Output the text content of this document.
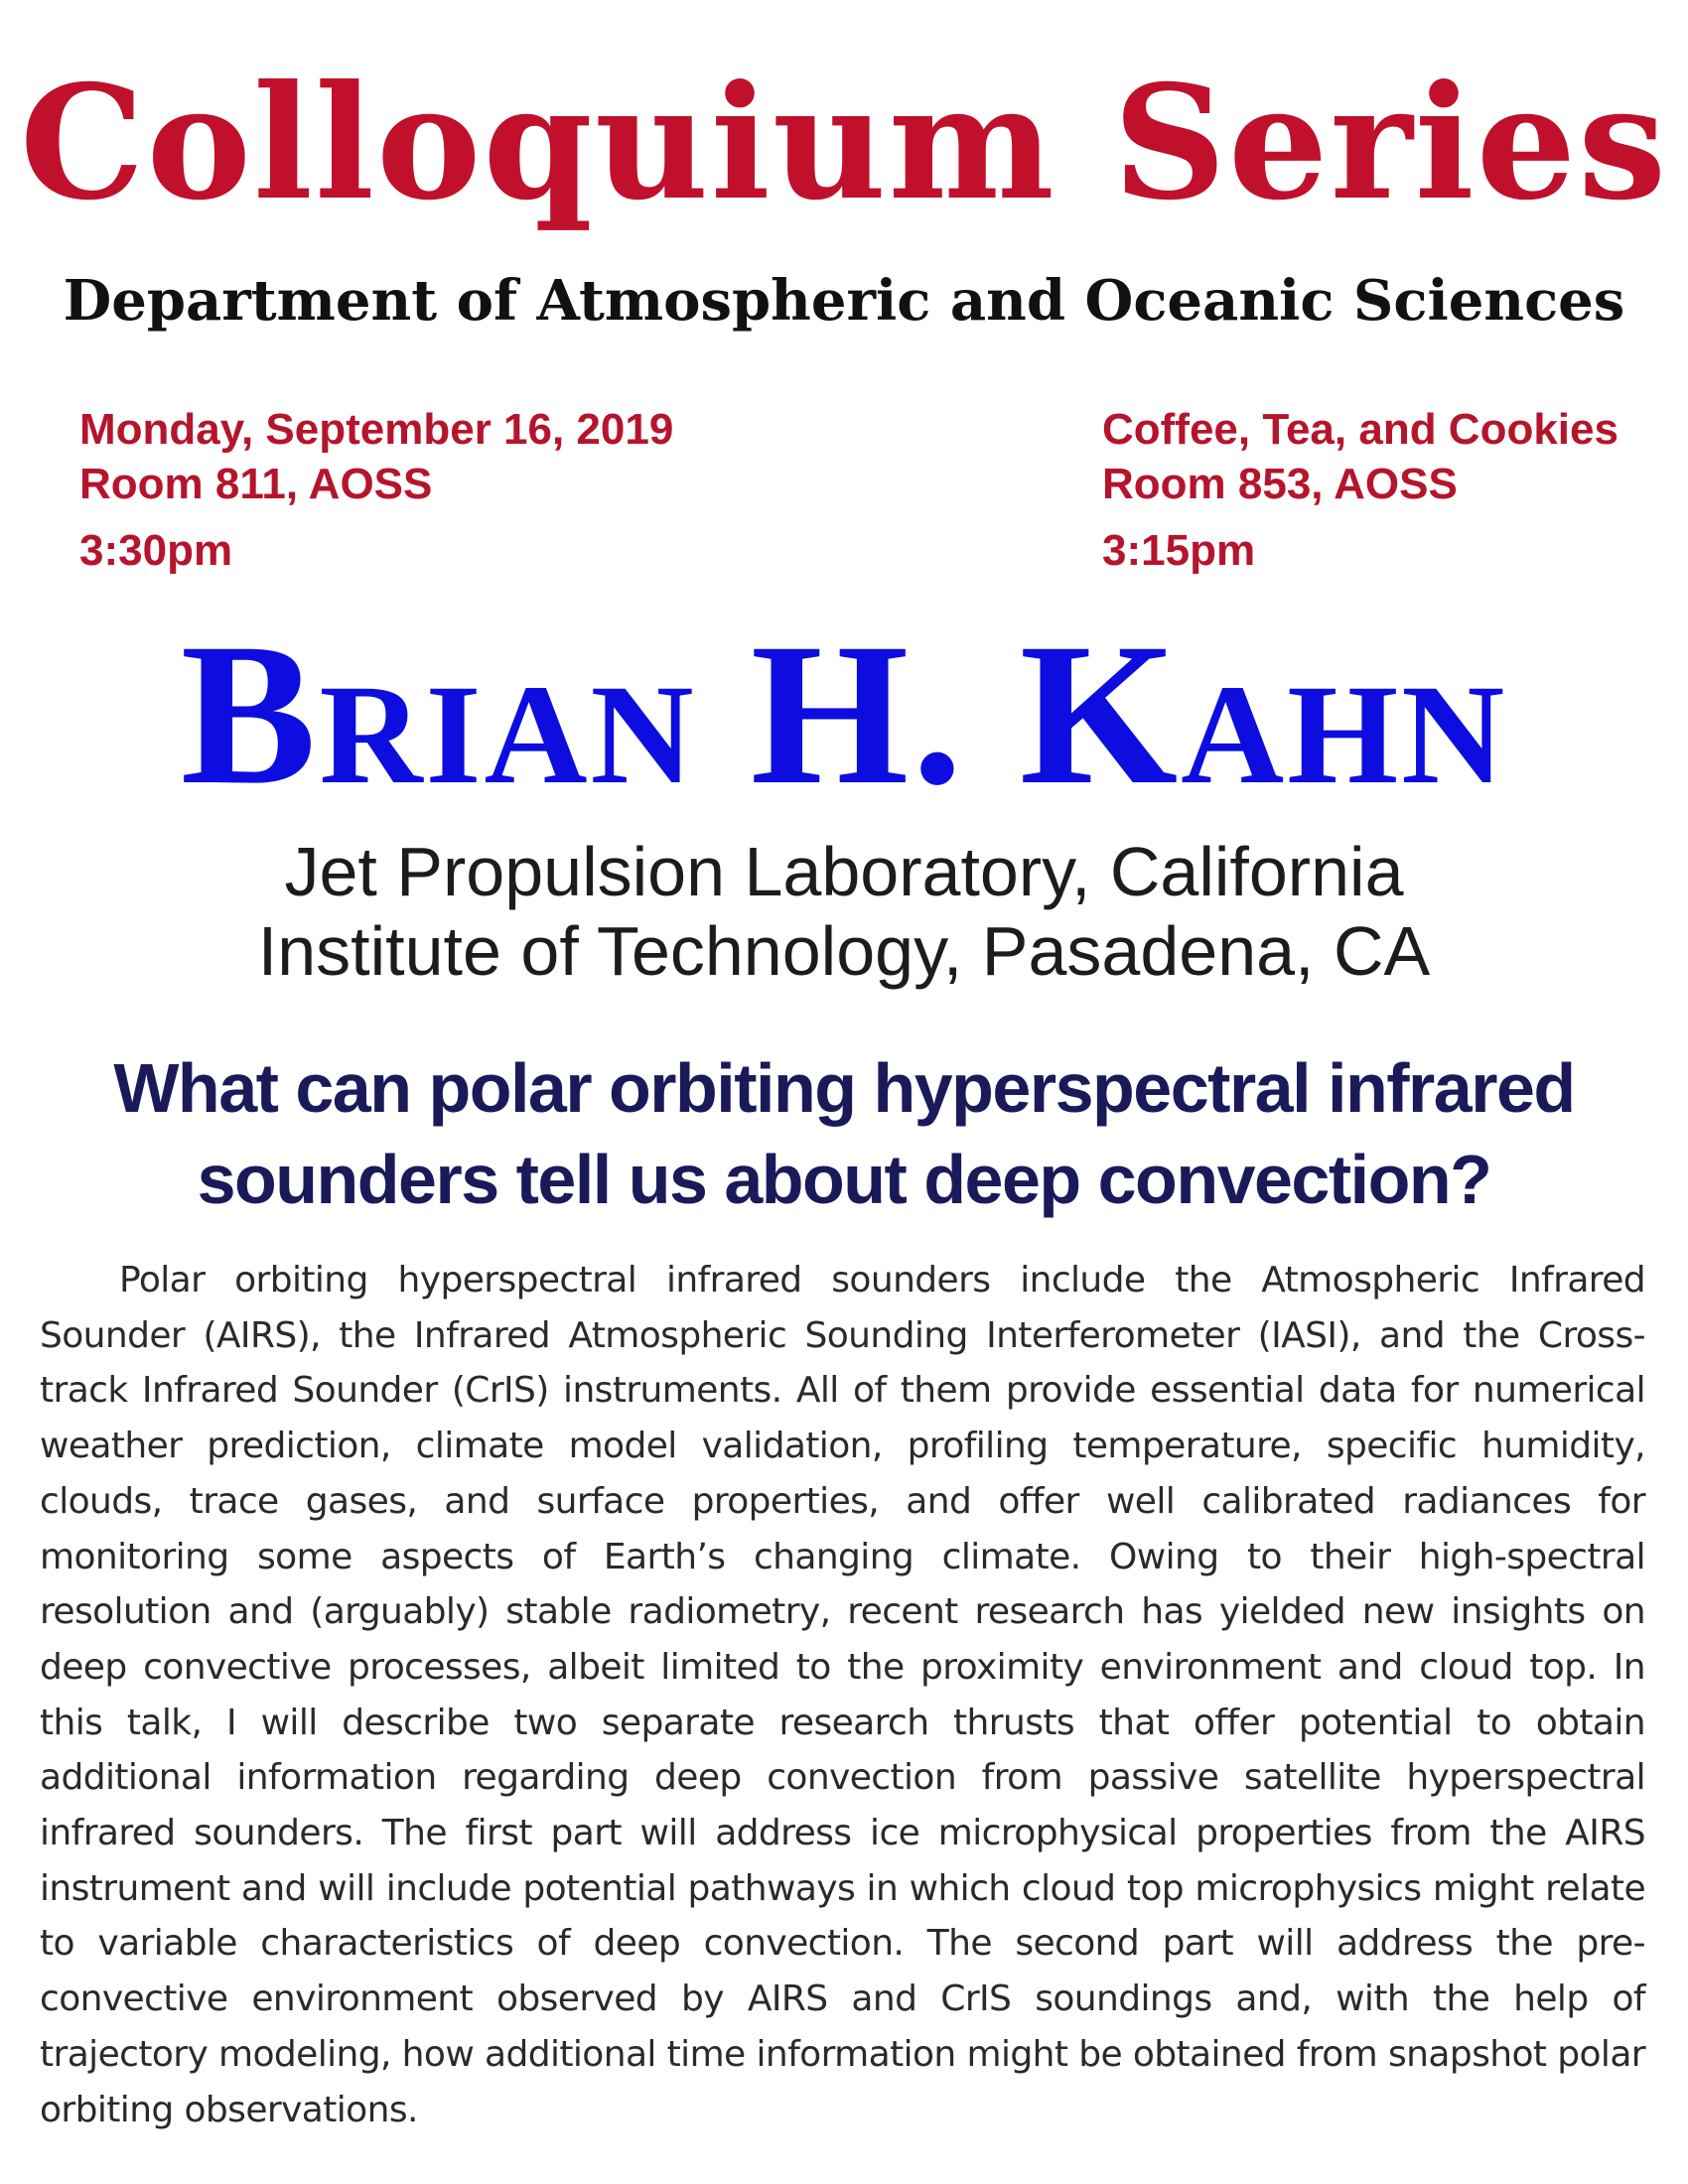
Colloquium Series
Department of Atmospheric and Oceanic Sciences
Monday, September 16, 2019
Room 811, AOSS
3:30pm
Coffee, Tea, and Cookies
Room 853, AOSS
3:15pm
Brian H. Kahn
Jet Propulsion Laboratory, California
Institute of Technology, Pasadena, CA
What can polar orbiting hyperspectral infrared
sounders tell us about deep convection?
Polar orbiting hyperspectral infrared sounders include the Atmospheric Infrared Sounder (AIRS), the Infrared Atmospheric Sounding Interferometer (IASI), and the Cross-track Infrared Sounder (CrIS) instruments. All of them provide essential data for numerical weather prediction, climate model validation, profiling temperature, specific humidity, clouds, trace gases, and surface properties, and offer well calibrated radiances for monitoring some aspects of Earth’s changing climate. Owing to their high-spectral resolution and (arguably) stable radiometry, recent research has yielded new insights on deep convective processes, albeit limited to the proximity environment and cloud top. In this talk, I will describe two separate research thrusts that offer potential to obtain additional information regarding deep convection from passive satellite hyperspectral infrared sounders. The first part will address ice microphysical properties from the AIRS instrument and will include potential pathways in which cloud top microphysics might relate to variable characteristics of deep convection. The second part will address the pre-convective environment observed by AIRS and CrIS soundings and, with the help of trajectory modeling, how additional time information might be obtained from snapshot polar orbiting observations.
